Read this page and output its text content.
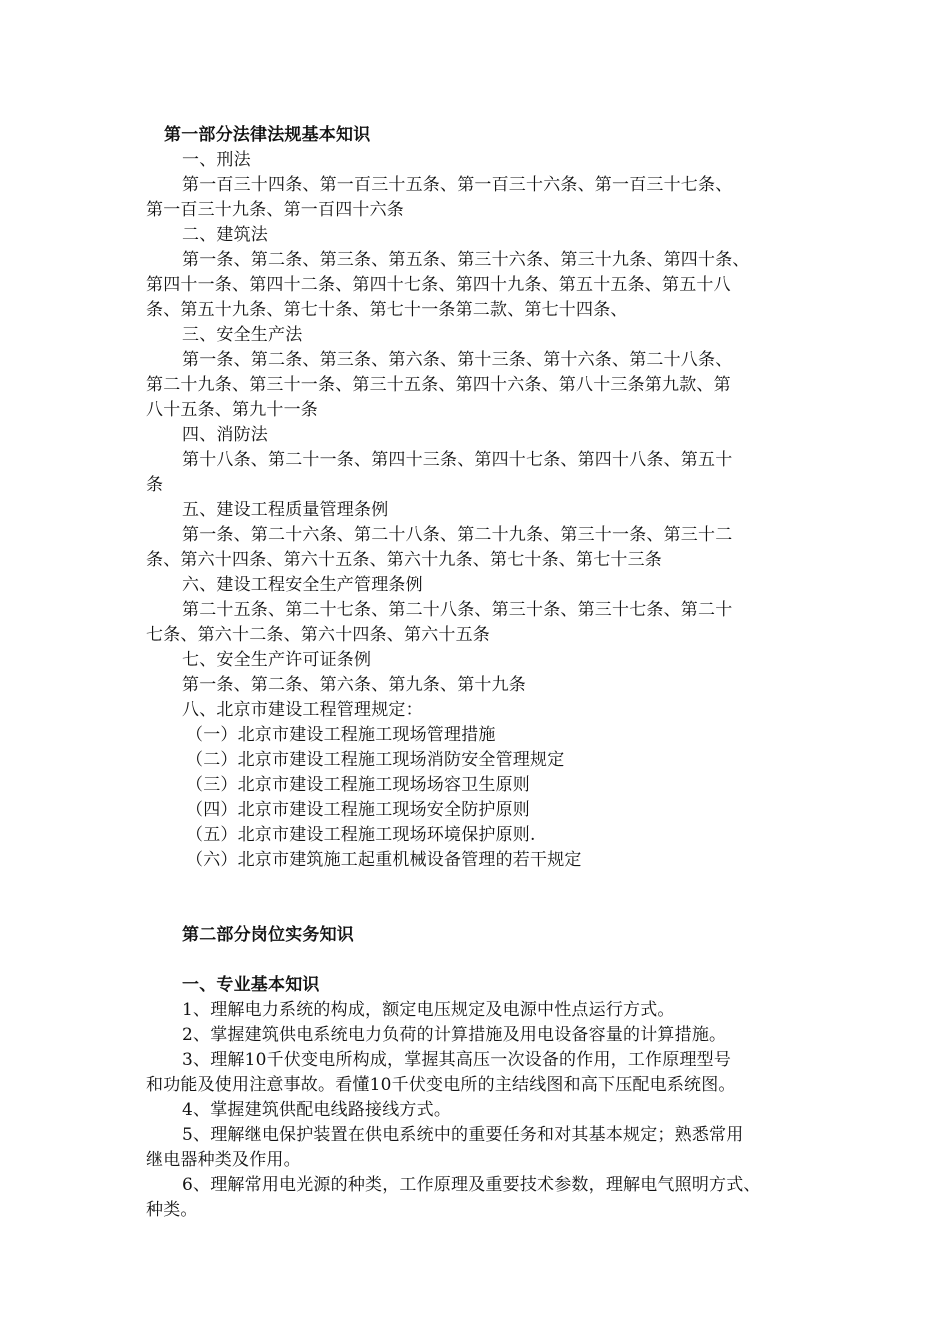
第一部分法律法规基本知识
一、刑法
第一百三十四条、第一百三十五条、第一百三十六条、第一百三十七条、
第一百三十九条、第一百四十六条
二、建筑法
第一条、第二条、第三条、第五条、第三十六条、第三十九条、第四十条、
第四十一条、第四十二条、第四十七条、第四十九条、第五十五条、第五十八
条、第五十九条、第七十条、第七十一条第二款、第七十四条、
三、安全生产法
第一条、第二条、第三条、第六条、第十三条、第十六条、第二十八条、
第二十九条、第三十一条、第三十五条、第四十六条、第八十三条第九款、第
八十五条、第九十一条
四、消防法
第十八条、第二十一条、第四十三条、第四十七条、第四十八条、第五十
条
五、建设工程质量管理条例
第一条、第二十六条、第二十八条、第二十九条、第三十一条、第三十二
条、第六十四条、第六十五条、第六十九条、第七十条、第七十三条
六、建设工程安全生产管理条例
第二十五条、第二十七条、第二十八条、第三十条、第三十七条、第二十
七条、第六十二条、第六十四条、第六十五条
七、安全生产许可证条例
第一条、第二条、第六条、第九条、第十九条
八、北京市建设工程管理规定：
（一）北京市建设工程施工现场管理措施
（二）北京市建设工程施工现场消防安全管理规定
（三）北京市建设工程施工现场场容卫生原则
（四）北京市建设工程施工现场安全防护原则
（五）北京市建设工程施工现场环境保护原则.
（六）北京市建筑施工起重机械设备管理的若干规定
第二部分岗位实务知识
一、专业基本知识
1、理解电力系统的构成，额定电压规定及电源中性点运行方式。
2、掌握建筑供电系统电力负荷的计算措施及用电设备容量的计算措施。
3、理解10千伏变电所构成，掌握其高压一次设备的作用，工作原理型号
和功能及使用注意事故。看懂10千伏变电所的主结线图和高下压配电系统图。
4、掌握建筑供配电线路接线方式。
5、理解继电保护装置在供电系统中的重要任务和对其基本规定；熟悉常用
继电器种类及作用。
6、理解常用电光源的种类，工作原理及重要技术参数，理解电气照明方式、
种类。
